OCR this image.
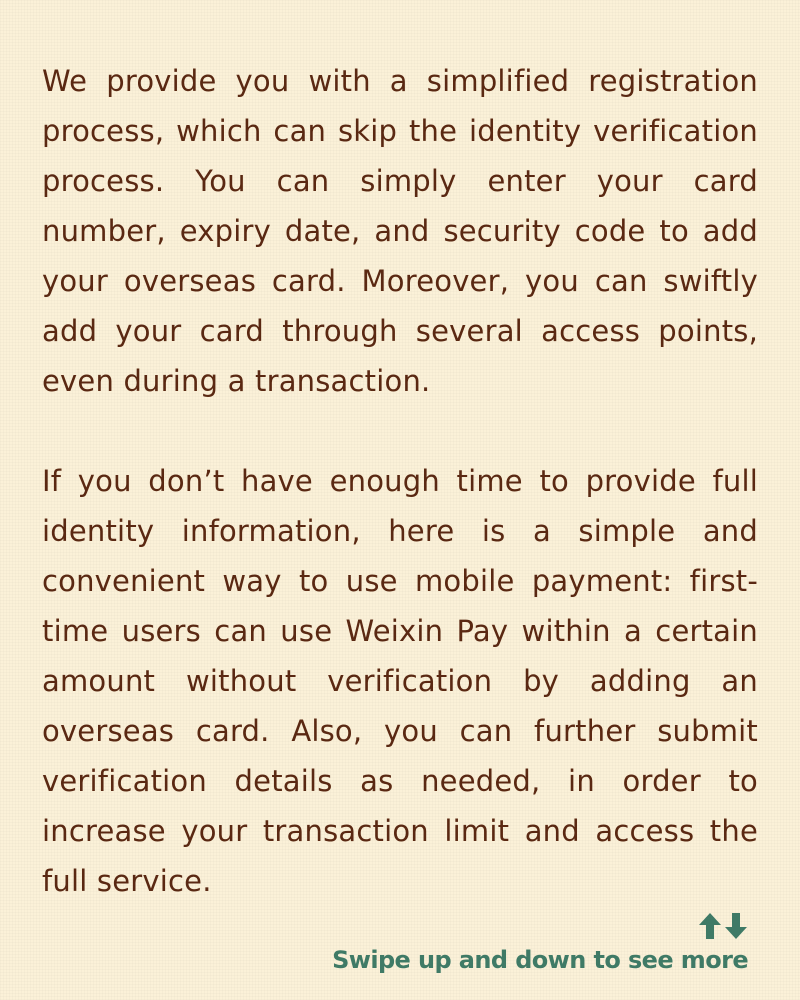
We provide you with a simplified registration process, which can skip the identity verification process. You can simply enter your card number, expiry date, and security code to add your overseas card. Moreover, you can swiftly add your card through several access points, even during a transaction.

If you don’t have enough time to provide full identity information, here is a simple and convenient way to use mobile payment: first-time users can use Weixin Pay within a certain amount without verification by adding an overseas card. Also, you can further submit verification details as needed, in order to increase your transaction limit and access the full service.

Swipe up and down to see more
